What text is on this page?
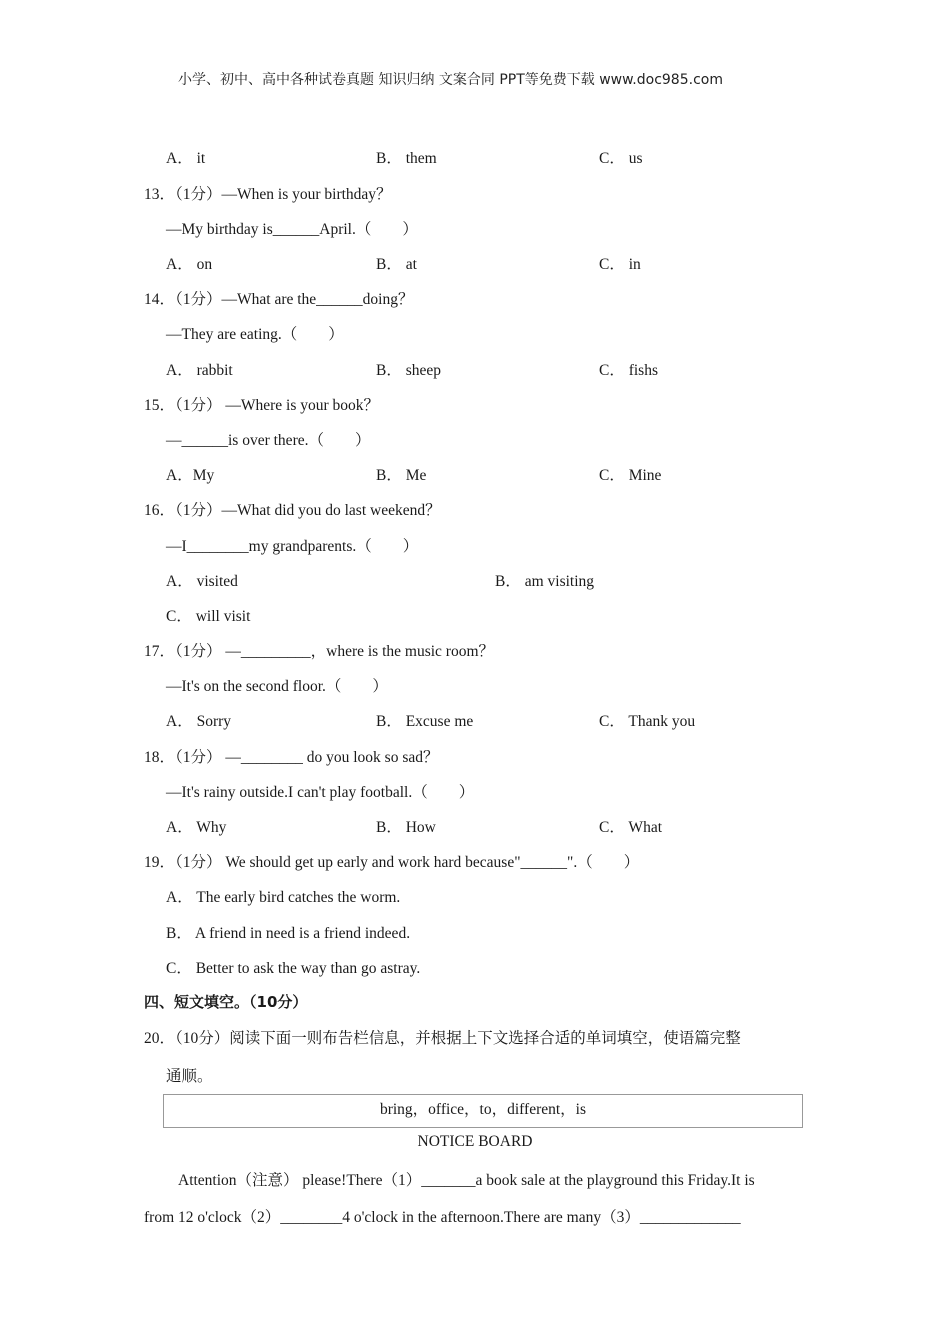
小学、初中、高中各种试卷真题 知识归纳 文案合同 PPT等免费下载 www.doc985.com
A． it	B． them	C． us
13．（1分）—When is your birthday？
—My birthday is______April.（　　）
A． on	B． at	C． in
14．（1分）—What are the______doing？
—They are eating.（　　）
A． rabbit	B． sheep	C． fishs
15．（1分） —Where is your book？
—______is over there.（　　）
A．My	B． Me	C． Mine
16．（1分）—What did you do last weekend？
—I________my grandparents.（　　）
A． visited	B． am visiting
C． will visit
17．（1分） —_________，where is the music room？
—It's on the second floor.（　　）
A． Sorry	B． Excuse me	C． Thank you
18．（1分） —________ do you look so sad？
—It's rainy outside.I can't play football.（　　）
A． Why	B． How	C． What
19．（1分） We should get up early and work hard because"______".（　　）
A． The early bird catches the worm.
B． A friend in need is a friend indeed.
C． Better to ask the way than go astray.
四、短文填空。（10分）
20．（10分）阅读下面一则布告栏信息，并根据上下文选择合适的单词填空，使语篇完整
通顺。
bring，office，to，different，is
NOTICE BOARD
Attention（注意） please!There（1）_______a book sale at the playground this Friday.It is
from 12 o'clock（2）________4 o'clock in the afternoon.There are many（3）_____________
